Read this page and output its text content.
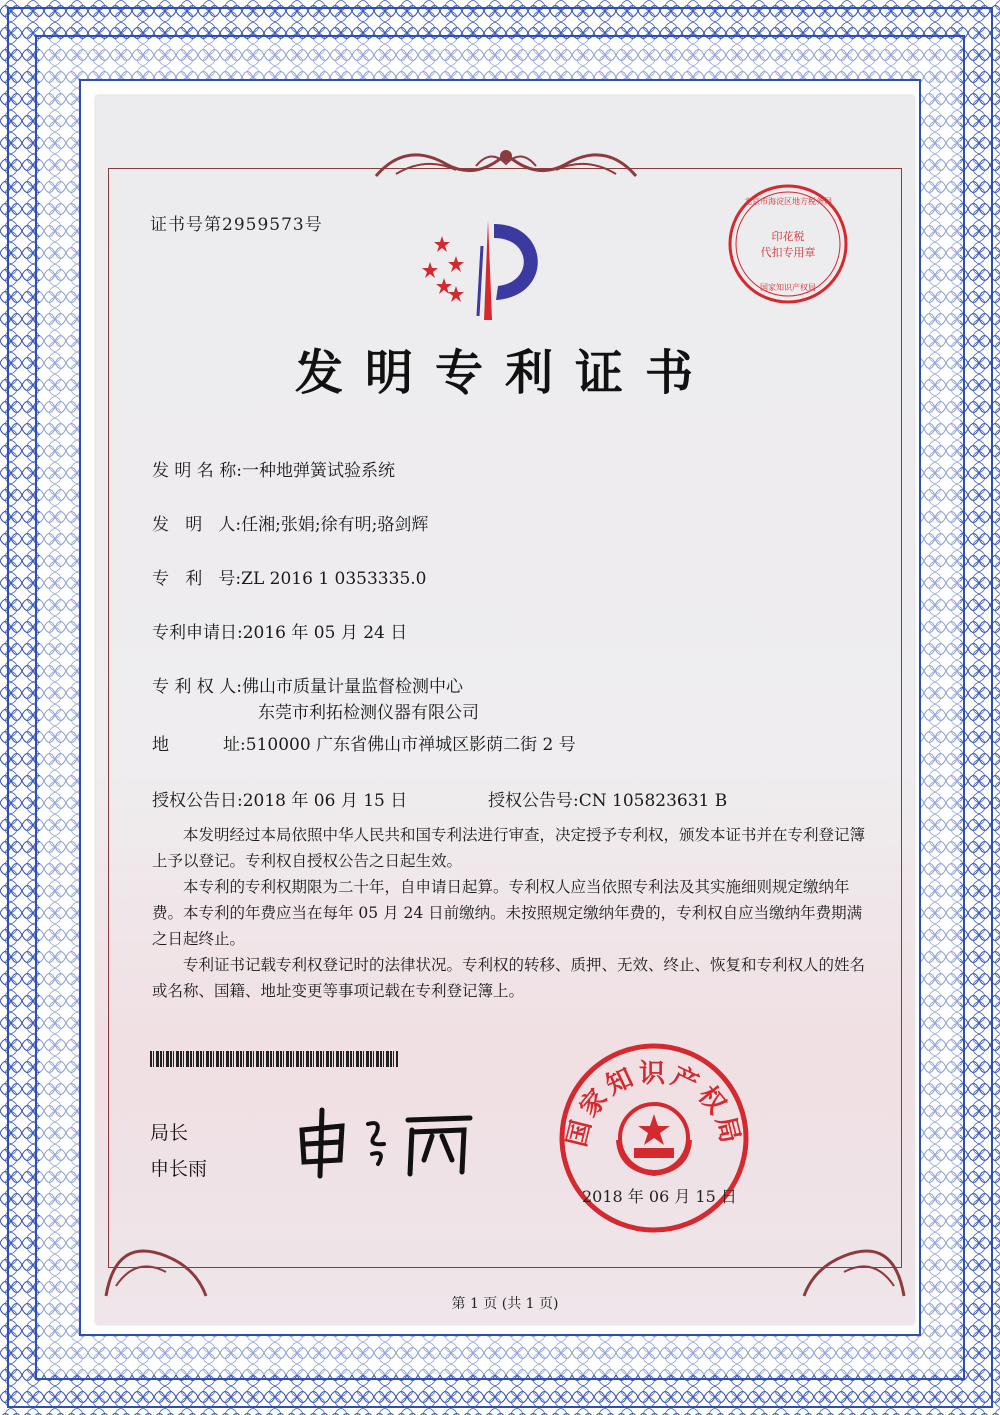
证书号第2959573号
发明专利证书
印花税
代扣专用章
北京市海淀区地方税务局
国家知识产权局
发 明 名 称:一种地弹簧试验系统
发   明   人:任湘;张娟;徐有明;骆剑辉
专   利   号:ZL 2016 1 0353335.0
专利申请日:2016 年 05 月 24 日
专 利 权 人:佛山市质量计量监督检测中心
东莞市利拓检测仪器有限公司
地          址:510000 广东省佛山市禅城区影荫二街 2 号
授权公告日:2018 年 06 月 15 日	授权公告号:CN 105823631 B

本发明经过本局依照中华人民共和国专利法进行审查，决定授予专利权，颁发本证书并在专利登记簿上予以登记。专利权自授权公告之日起生效。

本专利的专利权期限为二十年，自申请日起算。专利权人应当依照专利法及其实施细则规定缴纳年费。本专利的年费应当在每年 05 月 24 日前缴纳。未按照规定缴纳年费的，专利权自应当缴纳年费期满之日起终止。

专利证书记载专利权登记时的法律状况。专利权的转移、质押、无效、终止、恢复和专利权人的姓名或名称、国籍、地址变更等事项记载在专利登记簿上。

局长
申长雨
国家知识产权局
2018 年 06 月 15 日
第 1 页 (共 1 页)
